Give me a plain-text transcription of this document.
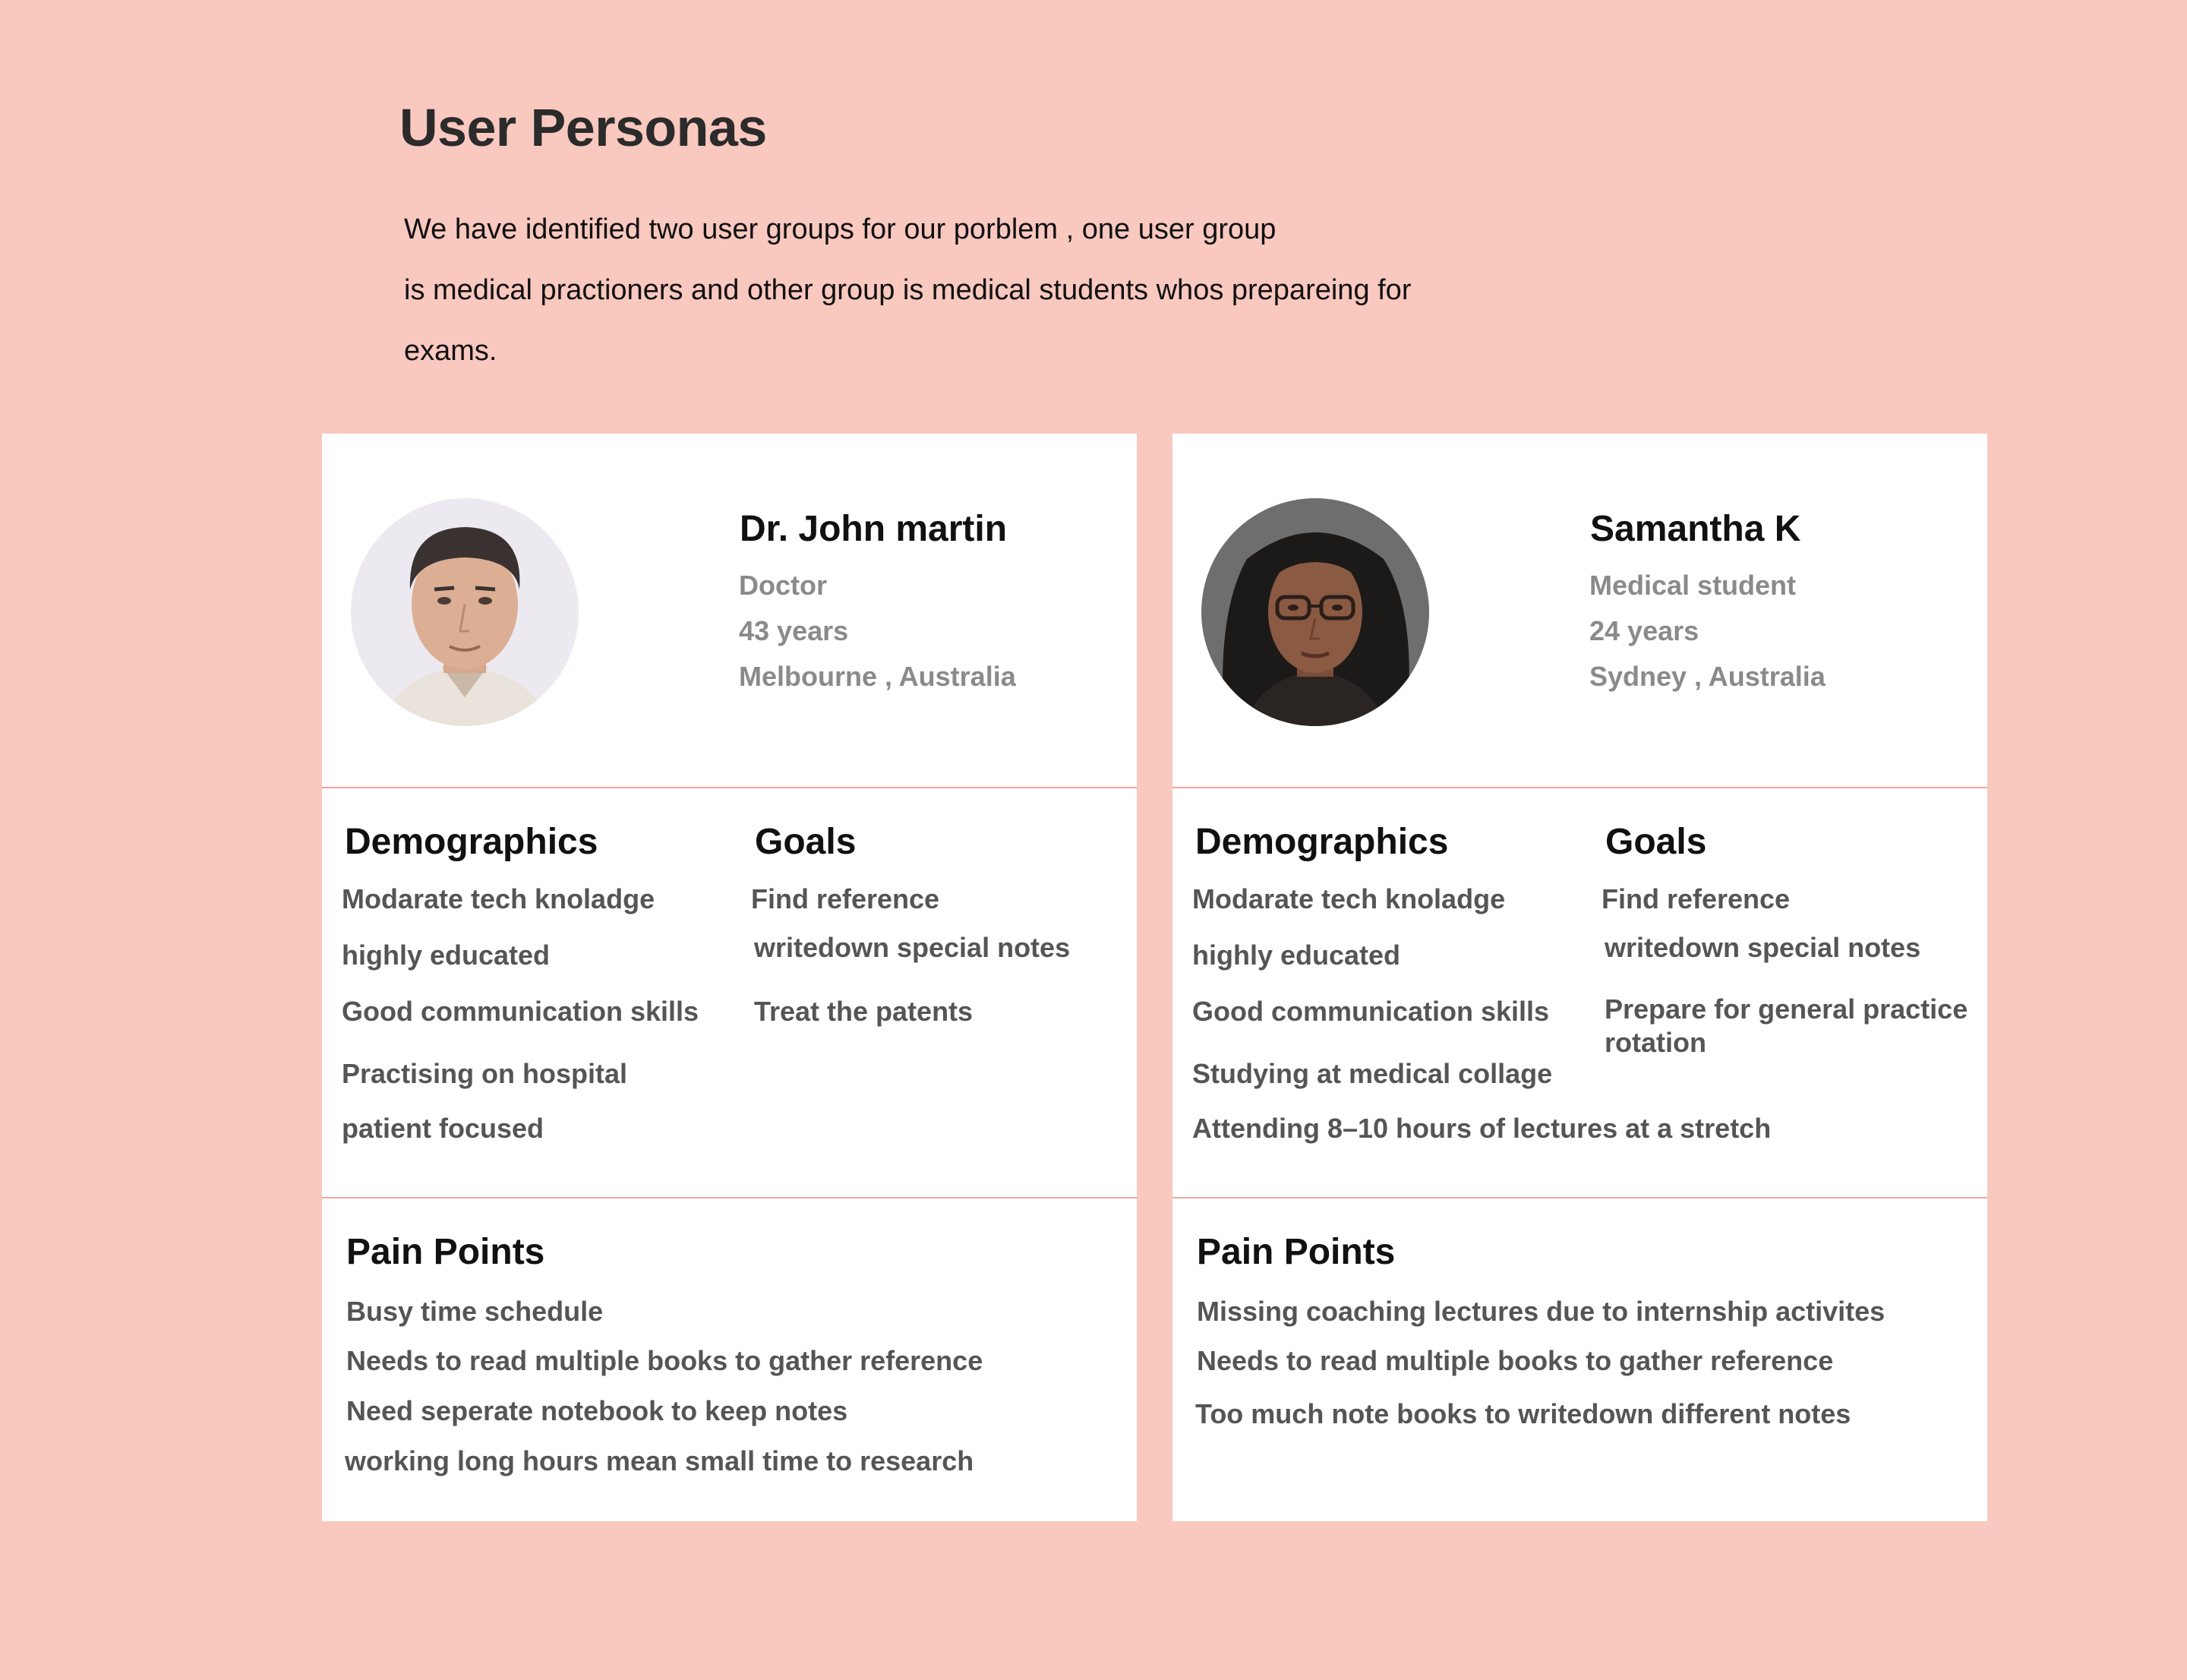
User Personas
We have identified two user groups for our porblem , one user group
is medical practioners and other group is medical students whos prepareing for
exams.
Dr. John martin
Doctor
43 years
Melbourne , Australia
Demographics
Modarate tech knoladge
highly educated
Good communication skills
Practising on hospital
patient focused
Goals
Find reference
writedown special notes
Treat the patents
Pain Points
Busy time schedule
Needs to read multiple books to gather reference
Need seperate notebook to keep notes
working long hours mean small time to research
Samantha K
Medical student
24 years
Sydney , Australia
Demographics
Modarate tech knoladge
highly educated
Good communication skills
Studying at medical collage
Attending 8–10 hours of lectures at a stretch
Goals
Find reference
writedown special notes
Prepare for general practice rotation
Pain Points
Missing coaching lectures due to internship activites
Needs to read multiple books to gather reference
Too much note books to writedown different notes
